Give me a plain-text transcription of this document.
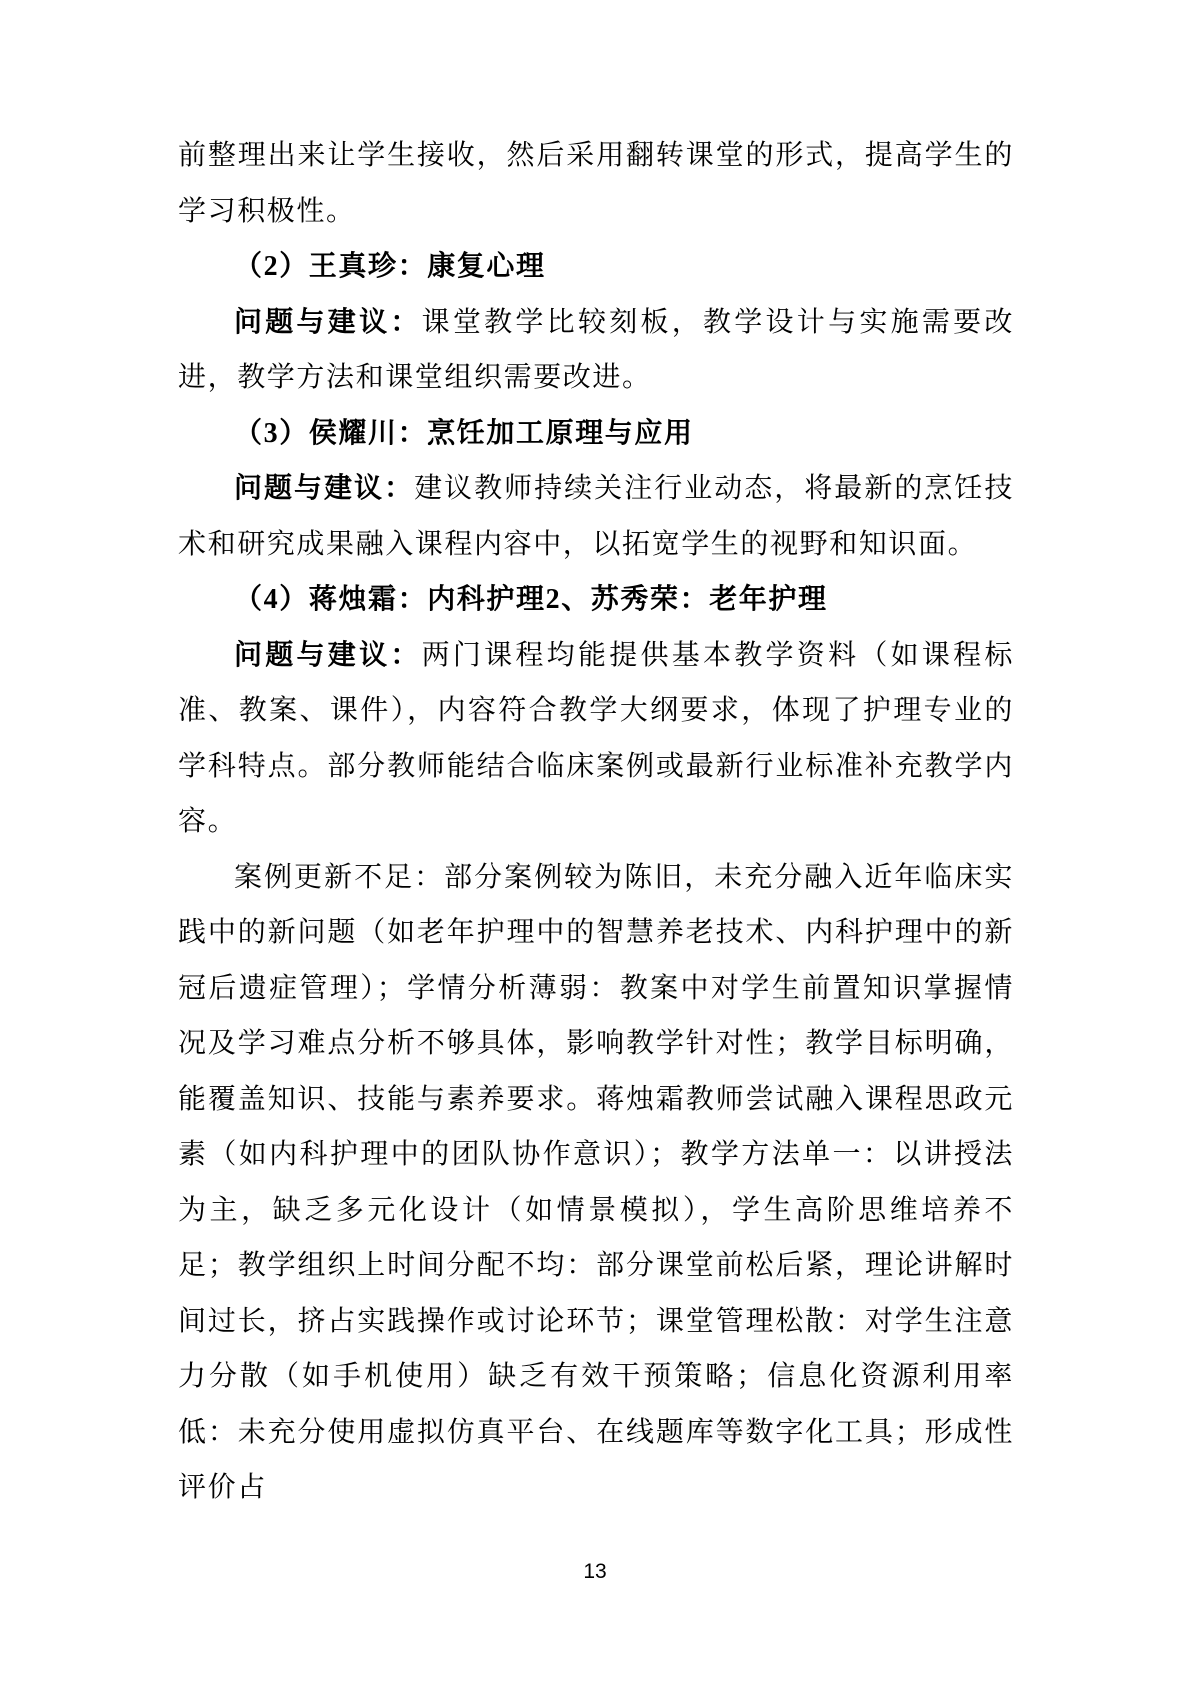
前整理出来让学生接收，然后采用翻转课堂的形式，提高学生的学习积极性。

（2）王真珍：康复心理

问题与建议：课堂教学比较刻板，教学设计与实施需要改进，教学方法和课堂组织需要改进。

（3）侯耀川：烹饪加工原理与应用

问题与建议：建议教师持续关注行业动态，将最新的烹饪技术和研究成果融入课程内容中，以拓宽学生的视野和知识面。

（4）蒋烛霜：内科护理2、苏秀荣：老年护理

问题与建议：两门课程均能提供基本教学资料（如课程标准、教案、课件），内容符合教学大纲要求，体现了护理专业的学科特点。部分教师能结合临床案例或最新行业标准补充教学内容。

案例更新不足：部分案例较为陈旧，未充分融入近年临床实践中的新问题（如老年护理中的智慧养老技术、内科护理中的新冠后遗症管理）；学情分析薄弱：教案中对学生前置知识掌握情况及学习难点分析不够具体，影响教学针对性；教学目标明确，能覆盖知识、技能与素养要求。蒋烛霜教师尝试融入课程思政元素（如内科护理中的团队协作意识）；教学方法单一：以讲授法为主，缺乏多元化设计（如情景模拟），学生高阶思维培养不足；教学组织上时间分配不均：部分课堂前松后紧，理论讲解时间过长，挤占实践操作或讨论环节；课堂管理松散：对学生注意力分散（如手机使用）缺乏有效干预策略；信息化资源利用率低：未充分使用虚拟仿真平台、在线题库等数字化工具；形成性评价占

13
